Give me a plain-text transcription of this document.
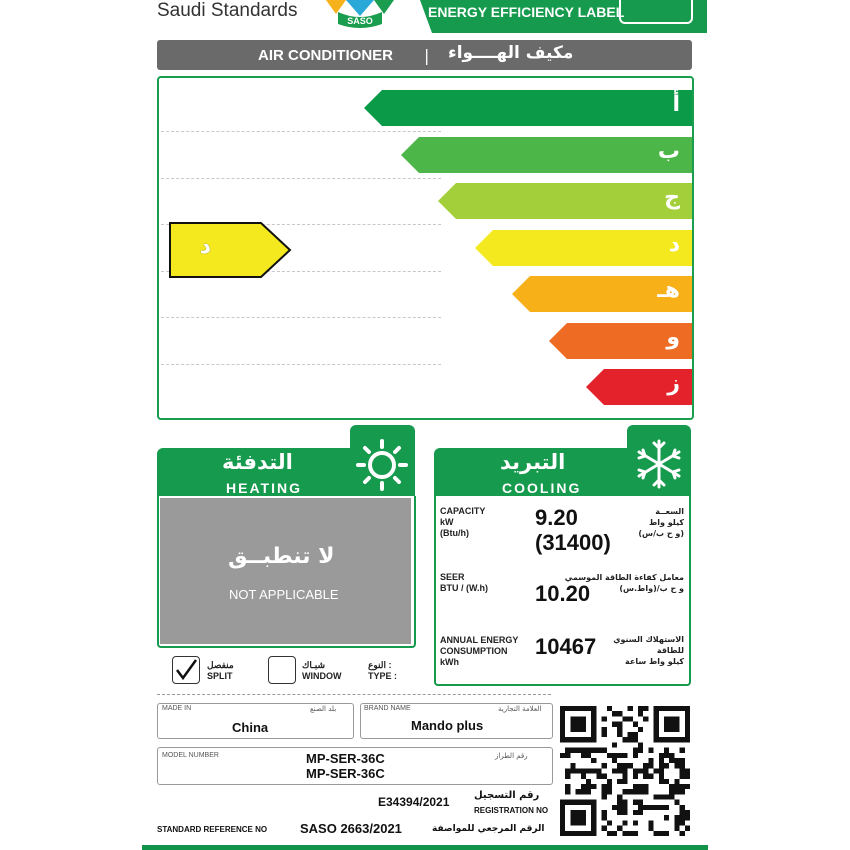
Saudi Standards	SASO
ENERGY EFFICIENCY LABEL
AIR CONDITIONER | مكيف الهــــواء
أ
ب
ج
د
هـ
و
ز
د
التدفئة
HEATING
لا تنطبــق
NOT APPLICABLE
التبريد
COOLING
CAPACITY
kW
(Btu/h)
9.20
(31400)
السعــة
كيلو واط
(و ح ب/س)
SEER
BTU / (W.h) 10.20
معامل كفاءة الطاقة الموسمي
و ح ب/(واط.س)
ANNUAL ENERGY
CONSUMPTION
kWh
10467	الاستهلاك السنوي
للطاقة
كيلو واط ساعة
منفصل
SPLIT
شبـاك
WINDOW
النوع :
TYPE :
MADE IN	بلد الصنع
China
BRAND NAME	العلامة التجارية
Mando plus
MODEL NUMBER	رقم الطراز
MP-SER-36C
MP-SER-36C
E34394/2021 رقم التسجيل
REGISTRATION NO
STANDARD REFERENCE NO	SASO 2663/2021	الرقم المرجعي للمواصفة
